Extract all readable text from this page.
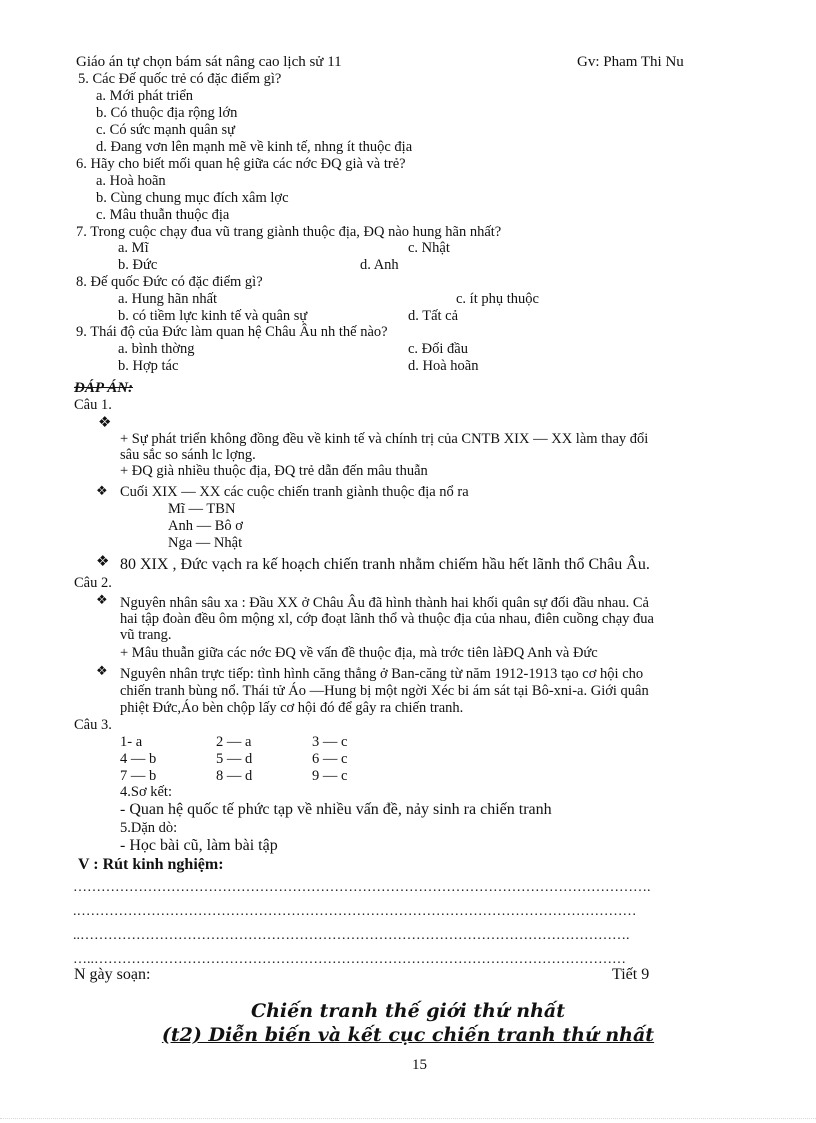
Giáo án tự chọn bám sát nâng cao lịch sử 11	Gv: Pham Thi Nu
5. Các Đế quốc trẻ có đặc điểm gì?
a. Mới phát triển
b. Có thuộc địa rộng lớn
c. Có sức mạnh quân sự
d. Đang vơn lên mạnh mẽ về kinh tế, nhng ít thuộc địa
6. Hãy cho biết mối quan hệ giữa các nớc ĐQ già và trẻ?
a. Hoà hoãn
b. Cùng chung mục đích xâm lợc
c. Mâu thuẫn thuộc địa
7. Trong cuộc chạy đua vũ trang giành thuộc địa, ĐQ nào hung hãn nhất?
a. Mĩ	c. Nhật
b. Đức	d. Anh
8. Đế quốc Đức có đặc điểm gì?
a. Hung hãn nhất	c. ít phụ thuộc
b. có tiềm lực kinh tế và quân sự	d. Tất cả
9. Thái độ của Đức làm quan hệ Châu Âu nh thế nào?
a. bình thờng	c. Đối đầu
b. Hợp tác	d. Hoà hoãn
ĐÁP ÁN:
Câu 1.
❖
+ Sự phát triển không đồng đều về kinh tế và chính trị của CNTB XIX — XX làm thay đổi
sâu sắc so sánh lc lợng.
+ ĐQ già nhiều thuộc địa, ĐQ trẻ dẫn đến mâu thuẫn
❖ Cuối XIX — XX các cuộc chiến tranh giành thuộc địa nổ ra
Mĩ — TBN
Anh — Bô ơ
Nga — Nhật
❖ 80 XIX , Đức vạch ra kế hoạch chiến tranh nhằm chiếm hầu hết lãnh thổ Châu Âu.
Câu 2.
❖ Nguyên nhân sâu xa : Đầu XX ở Châu Âu đã hình thành hai khối quân sự đối đầu nhau. Cả
hai tập đoàn đều ôm mộng xl, cớp đoạt lãnh thổ và thuộc địa của nhau, điên cuồng chạy đua
vũ trang.
+ Mâu thuẫn giữa các nớc ĐQ về vấn đề thuộc địa, mà trớc tiên làĐQ Anh và Đức
❖ Nguyên nhân trực tiếp: tình hình căng thẳng ở Ban-căng từ năm 1912-1913 tạo cơ hội cho
chiến tranh bùng nổ. Thái tử Áo —Hung bị một ngời Xéc bi ám sát tại Bô-xni-a. Giới quân
phiệt Đức,Áo bèn chộp lấy cơ hội đó để gây ra chiến tranh.
Câu 3.
1- a	2 — a	3 — c
4 — b	5 — d	6 — c
7 — b	8 — d	9 — c
4.Sơ kết:
- Quan hệ quốc tế phức tạp về nhiều vấn đề, nảy sinh ra chiến tranh
5.Dặn dò:
- Học bài cũ, làm bài tập
V : Rút kinh nghiệm:
…………………………………………………………………………………………………………….
.…………………………………………………………………………………………………………
..……………………………………………………………………………………………………….
…..……………………………………………………………………………………………………
N gày soạn:	Tiết 9
Chiến tranh thế giới thứ nhất
(t2) Diễn biến và kết cục chiến tranh thứ nhất
15
